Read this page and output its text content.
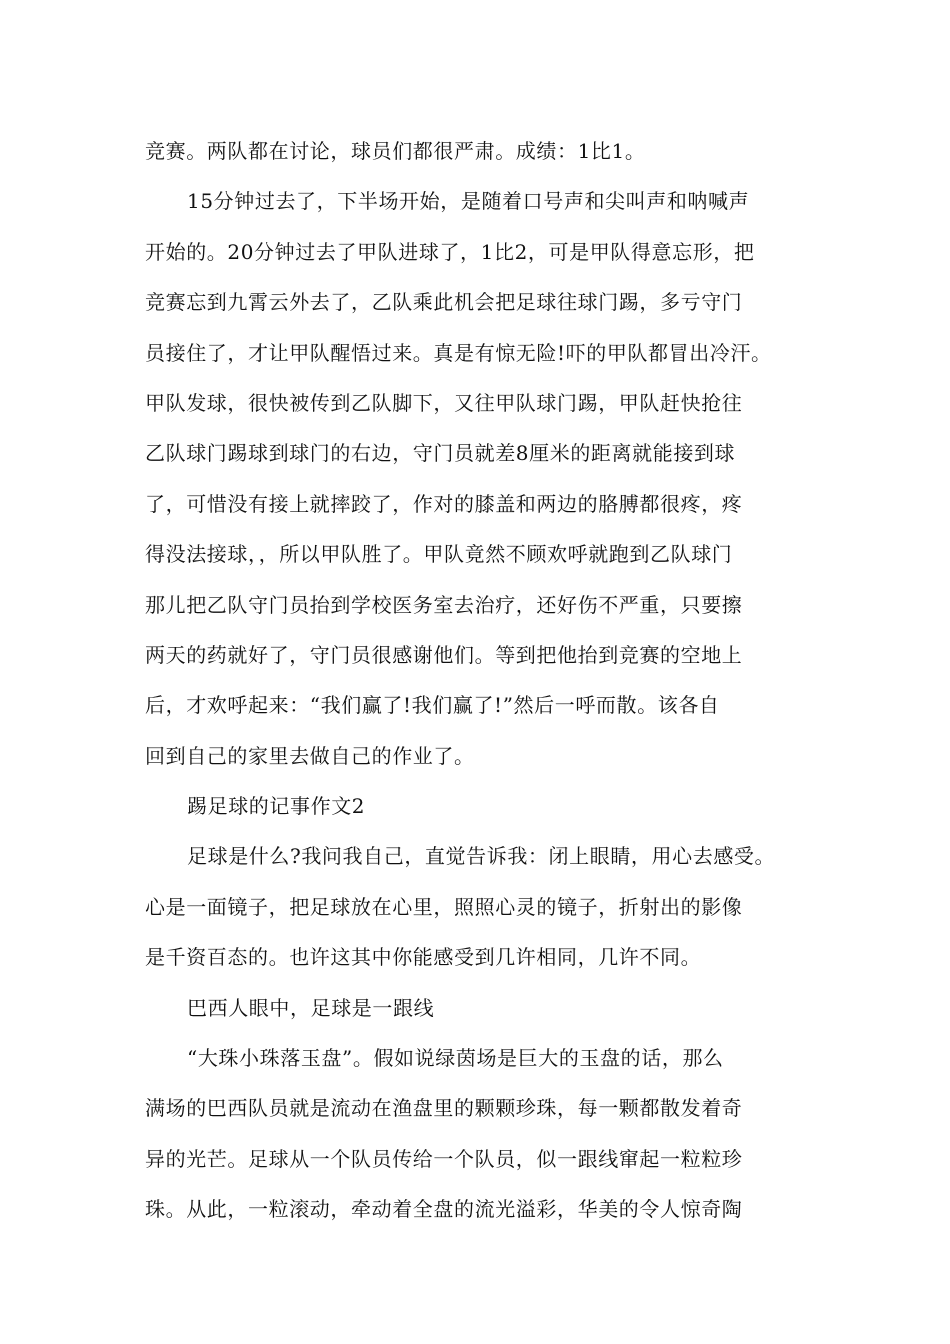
竞赛。两队都在讨论，球员们都很严肃。成绩：1比1。
15分钟过去了，下半场开始，是随着口号声和尖叫声和呐喊声
开始的。20分钟过去了甲队进球了，1比2，可是甲队得意忘形，把
竞赛忘到九霄云外去了，乙队乘此机会把足球往球门踢，多亏守门
员接住了，才让甲队醒悟过来。真是有惊无险!吓的甲队都冒出冷汗。
甲队发球，很快被传到乙队脚下，又往甲队球门踢，甲队赶快抢往
乙队球门踢球到球门的右边，守门员就差8厘米的距离就能接到球
了，可惜没有接上就摔跤了，作对的膝盖和两边的胳膊都很疼，疼
得没法接球，，所以甲队胜了。甲队竟然不顾欢呼就跑到乙队球门
那儿把乙队守门员抬到学校医务室去治疗，还好伤不严重，只要擦
两天的药就好了，守门员很感谢他们。等到把他抬到竞赛的空地上
后，才欢呼起来：“我们赢了!我们赢了!”然后一呼而散。该各自
回到自己的家里去做自己的作业了。
踢足球的记事作文2
足球是什么?我问我自己，直觉告诉我：闭上眼睛，用心去感受。
心是一面镜子，把足球放在心里，照照心灵的镜子，折射出的影像
是千资百态的。也许这其中你能感受到几许相同，几许不同。
巴西人眼中，足球是一跟线
“大珠小珠落玉盘”。假如说绿茵场是巨大的玉盘的话，那么
满场的巴西队员就是流动在渔盘里的颗颗珍珠，每一颗都散发着奇
异的光芒。足球从一个队员传给一个队员，似一跟线窜起一粒粒珍
珠。从此，一粒滚动，牵动着全盘的流光溢彩，华美的令人惊奇陶
